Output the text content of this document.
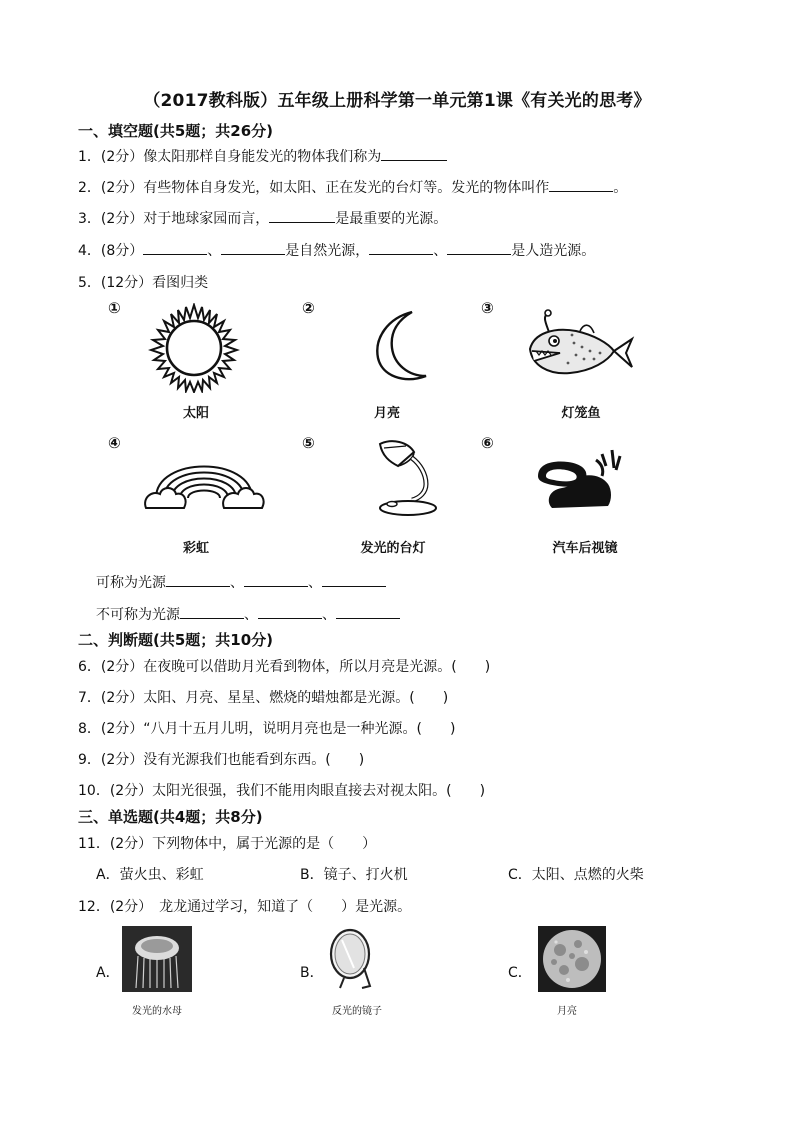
（2017教科版）五年级上册科学第一单元第1课《有关光的思考》
一、填空题(共5题；共26分)
1．(2分）像太阳那样自身能发光的物体我们称为
2．(2分）有些物体自身发光，如太阳、正在发光的台灯等。发光的物体叫作	。
3．(2分）对于地球家园而言，	是最重要的光源。
4．(8分）	、	是自然光源，	、	是人造光源。
5．(12分）看图归类
①
太阳
②
月亮
③
灯笼鱼
④
彩虹
⑤
发光的台灯
⑥
汽车后视镜
可称为光源	、	、
不可称为光源	、	、
二、判断题(共5题；共10分)
6．(2分）在夜晚可以借助月光看到物体，所以月亮是光源。(　　)
7．(2分）太阳、月亮、星星、燃烧的蜡烛都是光源。(　　)
8．(2分）“八月十五月儿明，说明月亮也是一种光源。(　　)
9．(2分）没有光源我们也能看到东西。(　　)
10．(2分）太阳光很强，我们不能用肉眼直接去对视太阳。(　　)
三、单选题(共4题；共8分)
11．(2分）下列物体中，属于光源的是（　　）
A．萤火虫、彩虹	B．镜子、打火机	C．太阳、点燃的火柴
12．(2分）　龙龙通过学习，知道了（　　）是光源。
A．
发光的水母
B．
反光的镜子
C．
月亮
